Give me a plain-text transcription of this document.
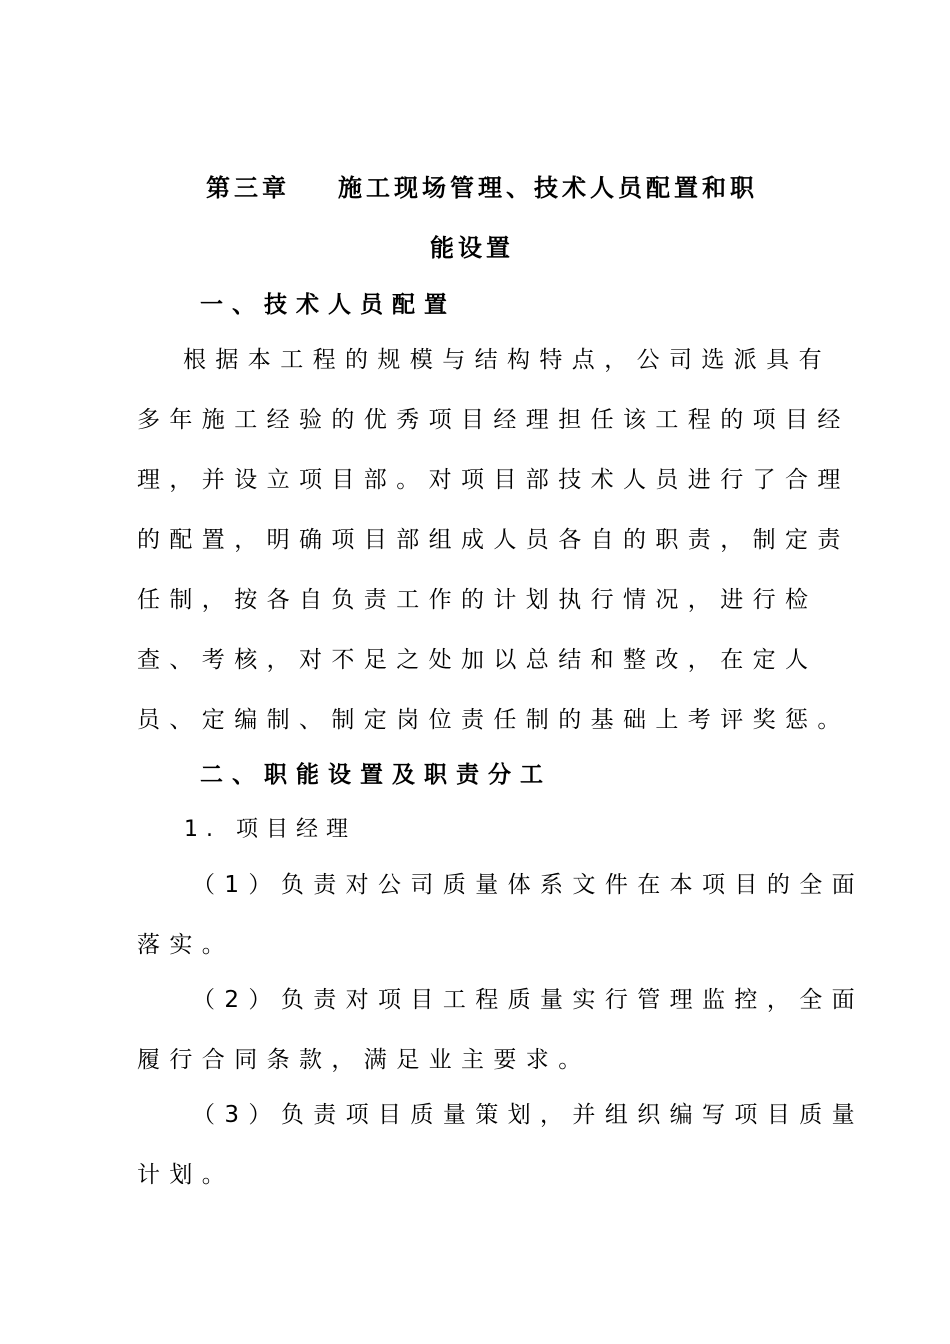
第三章 施工现场管理、技术人员配置和职
能设置
一、技术人员配置
根据本工程的规模与结构特点，公司选派具有
多年施工经验的优秀项目经理担任该工程的项目经
理，并设立项目部。对项目部技术人员进行了合理
的配置，明确项目部组成人员各自的职责，制定责
任制，按各自负责工作的计划执行情况，进行检
查、考核，对不足之处加以总结和整改，在定人
员、定编制、制定岗位责任制的基础上考评奖惩。
二、职能设置及职责分工
1. 项目经理
（1）负责对公司质量体系文件在本项目的全面
落实。
（2）负责对项目工程质量实行管理监控，全面
履行合同条款，满足业主要求。
（3）负责项目质量策划，并组织编写项目质量
计划。
